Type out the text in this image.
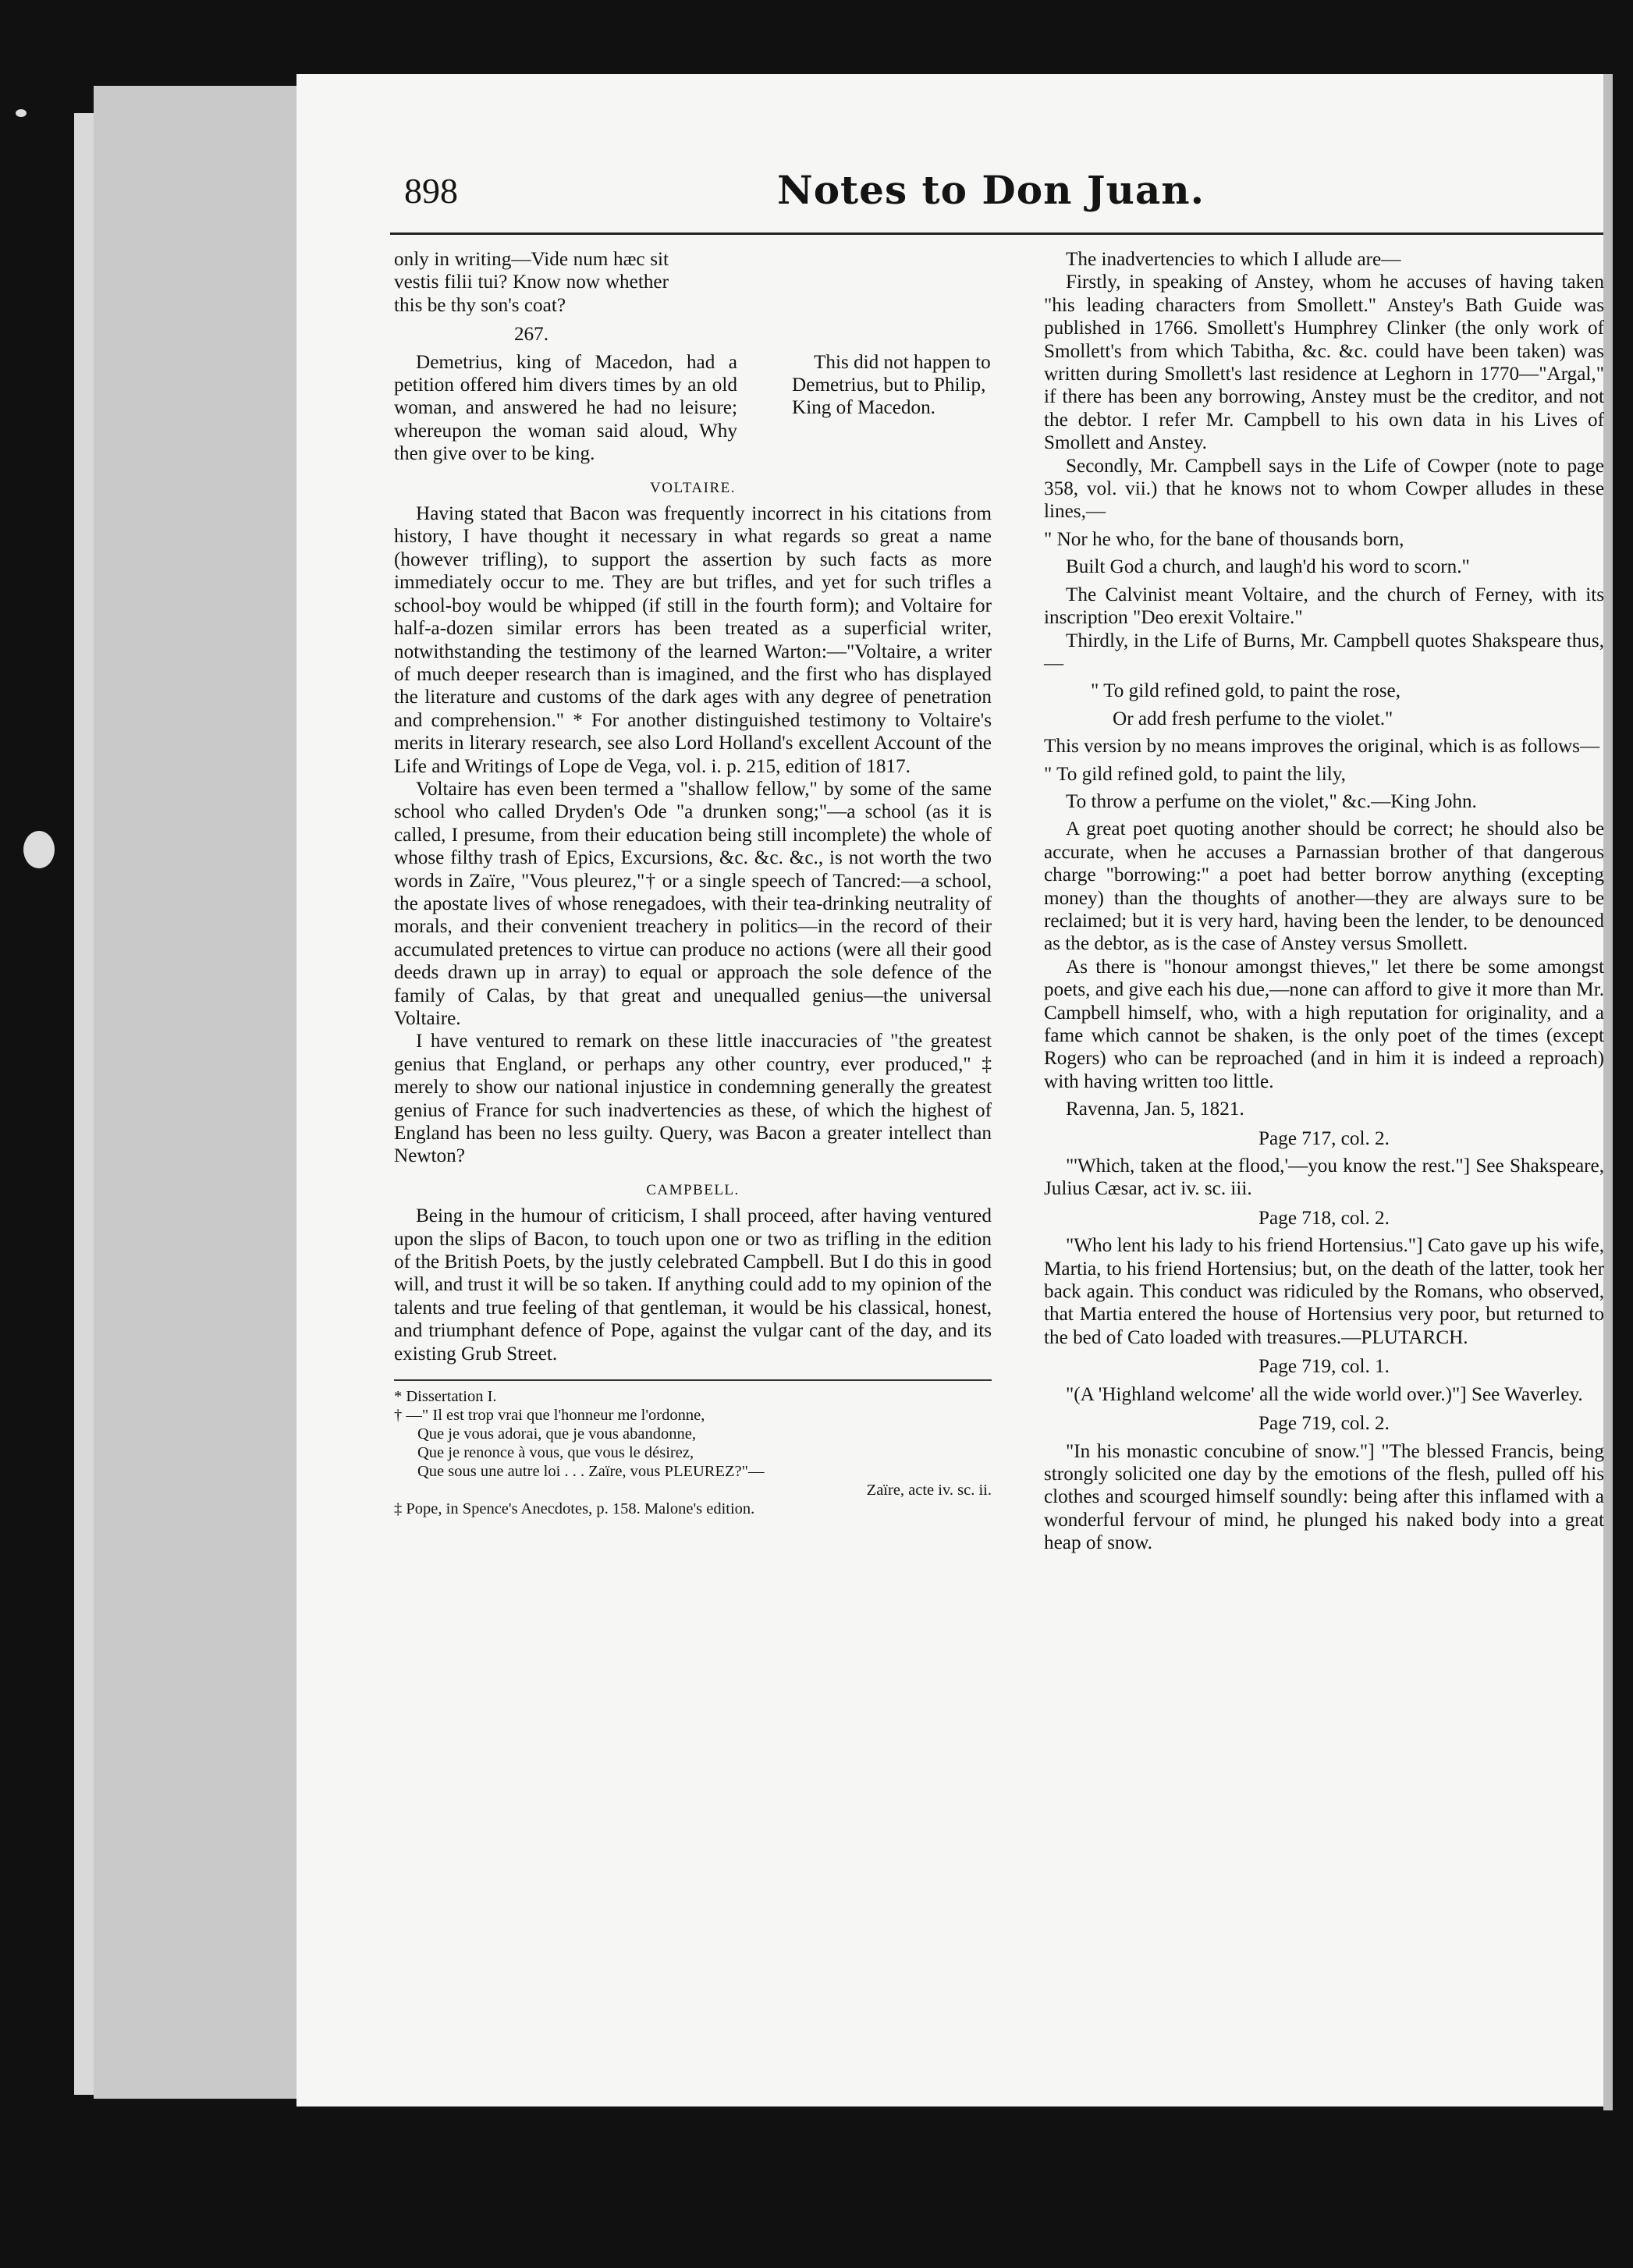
898	Notes to Don Juan.

only in writing—Vide num hæc sit vestis filii tui? Know now whether this be thy son's coat?

267.

Demetrius, king of Macedon, had a petition offered him divers times by an old woman, and answered he had no leisure; whereupon the woman said aloud, Why then give over to be king.

This did not happen to Demetrius, but to Philip, King of Macedon.

VOLTAIRE.

Having stated that Bacon was frequently incorrect in his citations from history, I have thought it necessary in what regards so great a name (however trifling), to support the assertion by such facts as more immediately occur to me. They are but trifles, and yet for such trifles a school-boy would be whipped (if still in the fourth form); and Voltaire for half-a-dozen similar errors has been treated as a superficial writer, notwithstanding the testimony of the learned Warton:—"Voltaire, a writer of much deeper research than is imagined, and the first who has displayed the literature and customs of the dark ages with any degree of penetration and comprehension." * For another distinguished testimony to Voltaire's merits in literary research, see also Lord Holland's excellent Account of the Life and Writings of Lope de Vega, vol. i. p. 215, edition of 1817.

Voltaire has even been termed a "shallow fellow," by some of the same school who called Dryden's Ode "a drunken song;"—a school (as it is called, I presume, from their education being still incomplete) the whole of whose filthy trash of Epics, Excursions, &c. &c. &c., is not worth the two words in Zaïre, "Vous pleurez,"† or a single speech of Tancred:—a school, the apostate lives of whose renegadoes, with their tea-drinking neutrality of morals, and their convenient treachery in politics—in the record of their accumulated pretences to virtue can produce no actions (were all their good deeds drawn up in array) to equal or approach the sole defence of the family of Calas, by that great and unequalled genius—the universal Voltaire.

I have ventured to remark on these little inaccuracies of "the greatest genius that England, or perhaps any other country, ever produced," ‡ merely to show our national injustice in condemning generally the greatest genius of France for such inadvertencies as these, of which the highest of England has been no less guilty. Query, was Bacon a greater intellect than Newton?

CAMPBELL.

Being in the humour of criticism, I shall proceed, after having ventured upon the slips of Bacon, to touch upon one or two as trifling in the edition of the British Poets, by the justly celebrated Campbell. But I do this in good will, and trust it will be so taken. If anything could add to my opinion of the talents and true feeling of that gentleman, it would be his classical, honest, and triumphant defence of Pope, against the vulgar cant of the day, and its existing Grub Street.

* Dissertation I.

† —" Il est trop vrai que l'honneur me l'ordonne,

Que je vous adorai, que je vous abandonne,

Que je renonce à vous, que vous le désirez,

Que sous une autre loi . . . Zaïre, vous PLEUREZ?"—

Zaïre, acte iv. sc. ii.

‡ Pope, in Spence's Anecdotes, p. 158. Malone's edition.

The inadvertencies to which I allude are—

Firstly, in speaking of Anstey, whom he accuses of having taken "his leading characters from Smollett." Anstey's Bath Guide was published in 1766. Smollett's Humphrey Clinker (the only work of Smollett's from which Tabitha, &c. &c. could have been taken) was written during Smollett's last residence at Leghorn in 1770—"Argal," if there has been any borrowing, Anstey must be the creditor, and not the debtor. I refer Mr. Campbell to his own data in his Lives of Smollett and Anstey.

Secondly, Mr. Campbell says in the Life of Cowper (note to page 358, vol. vii.) that he knows not to whom Cowper alludes in these lines,—

" Nor he who, for the bane of thousands born,

Built God a church, and laugh'd his word to scorn."

The Calvinist meant Voltaire, and the church of Ferney, with its inscription "Deo erexit Voltaire."

Thirdly, in the Life of Burns, Mr. Campbell quotes Shakspeare thus,—

" To gild refined gold, to paint the rose,

Or add fresh perfume to the violet."

This version by no means improves the original, which is as follows—

" To gild refined gold, to paint the lily,

To throw a perfume on the violet," &c.—King John.

A great poet quoting another should be correct; he should also be accurate, when he accuses a Parnassian brother of that dangerous charge "borrowing:" a poet had better borrow anything (excepting money) than the thoughts of another—they are always sure to be reclaimed; but it is very hard, having been the lender, to be denounced as the debtor, as is the case of Anstey versus Smollett.

As there is "honour amongst thieves," let there be some amongst poets, and give each his due,—none can afford to give it more than Mr. Campbell himself, who, with a high reputation for originality, and a fame which cannot be shaken, is the only poet of the times (except Rogers) who can be reproached (and in him it is indeed a reproach) with having written too little.

Ravenna, Jan. 5, 1821.

Page 717, col. 2.

"'Which, taken at the flood,'—you know the rest."] See Shakspeare, Julius Cæsar, act iv. sc. iii.

Page 718, col. 2.

"Who lent his lady to his friend Hortensius."] Cato gave up his wife, Martia, to his friend Hortensius; but, on the death of the latter, took her back again. This conduct was ridiculed by the Romans, who observed, that Martia entered the house of Hortensius very poor, but returned to the bed of Cato loaded with treasures.—PLUTARCH.

Page 719, col. 1.

"(A 'Highland welcome' all the wide world over.)"] See Waverley.

Page 719, col. 2.

"In his monastic concubine of snow."] "The blessed Francis, being strongly solicited one day by the emotions of the flesh, pulled off his clothes and scourged himself soundly: being after this inflamed with a wonderful fervour of mind, he plunged his naked body into a great heap of snow.
